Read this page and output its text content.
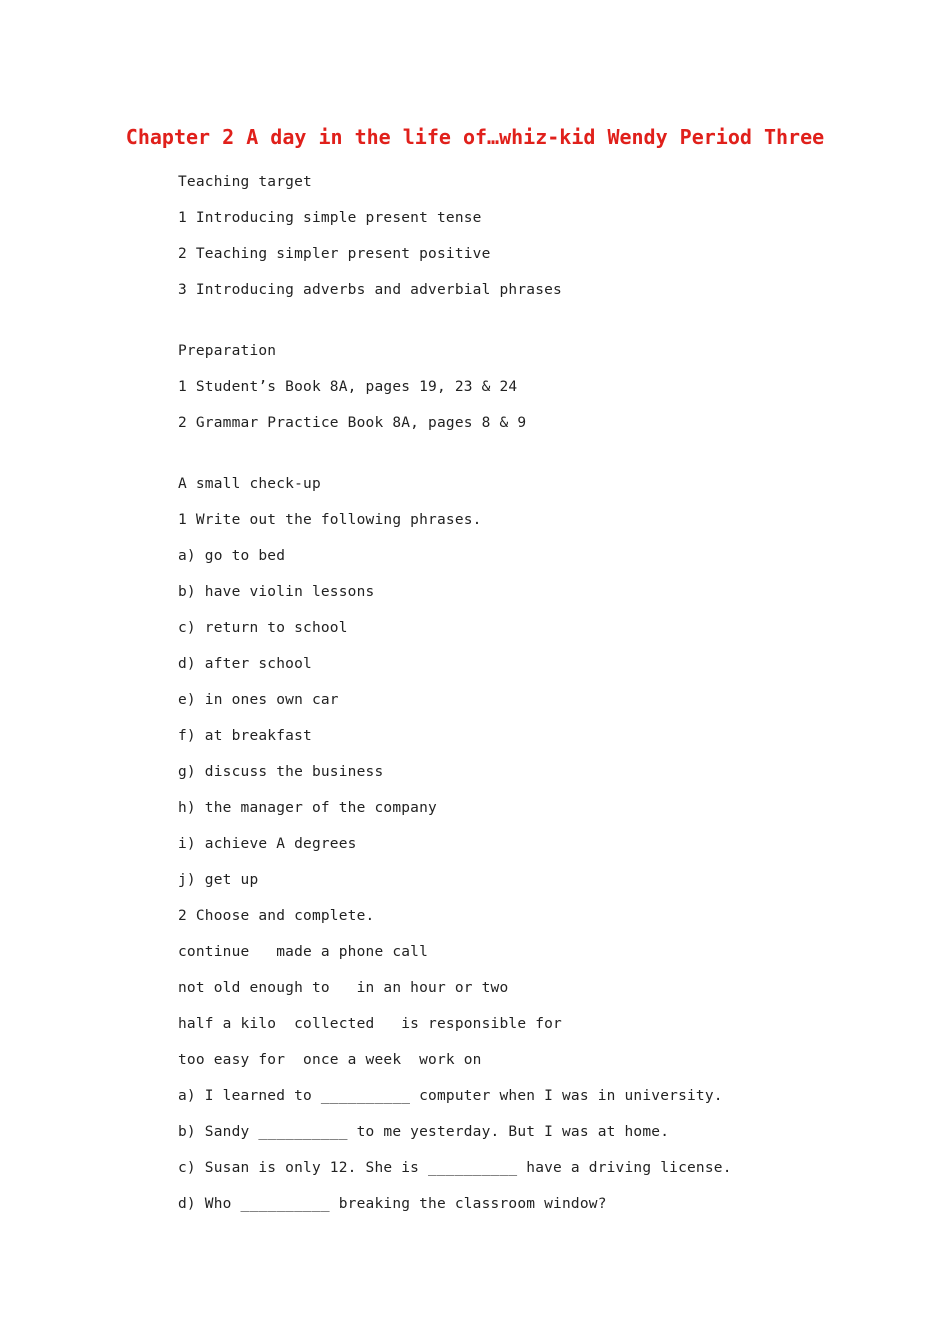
Chapter 2 A day in the life of…whiz-kid Wendy Period Three
Teaching target
1 Introducing simple present tense
2 Teaching simpler present positive
3 Introducing adverbs and adverbial phrases
Preparation
1 Student’s Book 8A, pages 19, 23 & 24
2 Grammar Practice Book 8A, pages 8 & 9
A small check-up
1 Write out the following phrases.
a) go to bed
b) have violin lessons
c) return to school
d) after school
e) in ones own car
f) at breakfast
g) discuss the business
h) the manager of the company
i) achieve A degrees
j) get up
2 Choose and complete.
continue   made a phone call
not old enough to   in an hour or two
half a kilo  collected   is responsible for
too easy for  once a week  work on
a) I learned to __________ computer when I was in university.
b) Sandy __________ to me yesterday. But I was at home.
c) Susan is only 12. She is __________ have a driving license.
d) Who __________ breaking the classroom window?
